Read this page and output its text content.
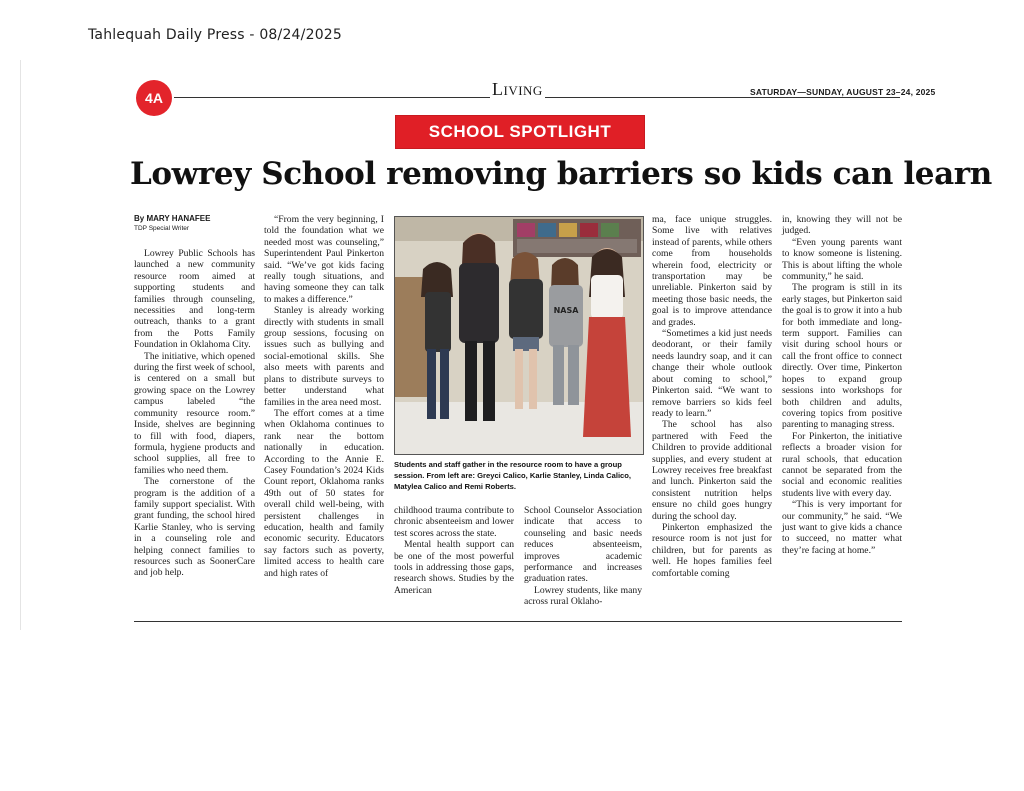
Tahlequah Daily Press - 08/24/2025
4A	Living	SATURDAY—SUNDAY, AUGUST 23–24, 2025
SCHOOL SPOTLIGHT
Lowrey School removing barriers so kids can learn
By MARY HANAFEE
TDP Special Writer

Lowrey Public Schools has launched a new community resource room aimed at supporting students and families through counseling, necessities and long-term outreach, thanks to a grant from the Potts Family Foundation in Oklahoma City.

The initiative, which opened during the first week of school, is centered on a small but growing space on the Lowrey campus labeled “the community resource room.” Inside, shelves are beginning to fill with food, diapers, formula, hygiene products and school supplies, all free to families who need them.

The cornerstone of the program is the addition of a family support specialist. With grant funding, the school hired Karlie Stanley, who is serving in a counseling role and helping connect families to resources such as SoonerCare and job help.

“From the very beginning, I told the foundation what we needed most was counseling,” Superintendent Paul Pinkerton said. “We’ve got kids facing really tough situations, and having someone they can talk to makes a difference.”

Stanley is already working directly with students in small group sessions, focusing on issues such as bullying and social-emotional skills. She also meets with parents and plans to distribute surveys to better understand what families in the area need most.

The effort comes at a time when Oklahoma continues to rank near the bottom nationally in education. According to the Annie E. Casey Foundation’s 2024 Kids Count report, Oklahoma ranks 49th out of 50 states for overall child well-being, with persistent challenges in education, health and family economic security. Educators say factors such as poverty, limited access to health care and high rates of

NASA
Students and staff gather in the resource room to have a group session. From left are: Greyci Calico, Karlie Stanley, Linda Calico, Matylea Calico and Remi Roberts.

childhood trauma contribute to chronic absenteeism and lower test scores across the state.

Mental health support can be one of the most powerful tools in addressing those gaps, research shows. Studies by the American

School Counselor Association indicate that access to counseling and basic needs reduces absenteeism, improves academic performance and increases graduation rates.

Lowrey students, like many across rural Oklaho-

ma, face unique struggles. Some live with relatives instead of parents, while others come from households wherein food, electricity or transportation may be unreliable. Pinkerton said by meeting those basic needs, the goal is to improve attendance and grades.

“Sometimes a kid just needs deodorant, or their family needs laundry soap, and it can change their whole outlook about coming to school,” Pinkerton said. “We want to remove barriers so kids feel ready to learn.”

The school has also partnered with Feed the Children to provide additional supplies, and every student at Lowrey receives free breakfast and lunch. Pinkerton said the consistent nutrition helps ensure no child goes hungry during the school day.

Pinkerton emphasized the resource room is not just for children, but for parents as well. He hopes families feel comfortable coming

in, knowing they will not be judged.

“Even young parents want to know someone is listening. This is about lifting the whole community,” he said.

The program is still in its early stages, but Pinkerton said the goal is to grow it into a hub for both immediate and long-term support. Families can visit during school hours or call the front office to connect directly. Over time, Pinkerton hopes to expand group sessions into workshops for both children and adults, covering topics from positive parenting to managing stress.

For Pinkerton, the initiative reflects a broader vision for rural schools, that education cannot be separated from the social and economic realities students live with every day.

“This is very important for our community,” he said. “We just want to give kids a chance to succeed, no matter what they’re facing at home.”
